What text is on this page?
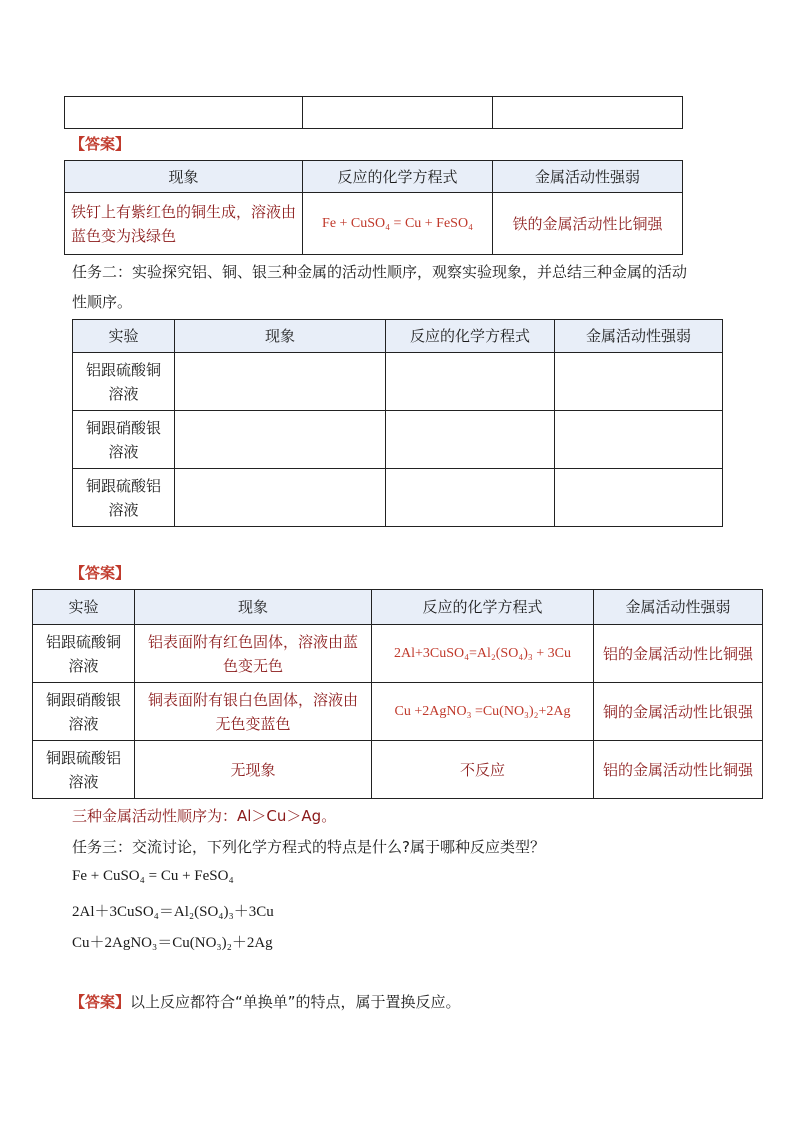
【答案】
现象	反应的化学方程式	金属活动性强弱
铁钉上有紫红色的铜生成，溶液由蓝色变为浅绿色	Fe + CuSO₄ = Cu + FeSO₄	铁的金属活动性比铜强
任务二：实验探究铝、铜、银三种金属的活动性顺序，观察实验现象，并总结三种金属的活动
性顺序。
实验	现象	反应的化学方程式	金属活动性强弱
铝跟硫酸铜溶液			
铜跟硝酸银溶液			
铜跟硫酸铝溶液			
【答案】
实验	现象	反应的化学方程式	金属活动性强弱
铝跟硫酸铜溶液	铝表面附有红色固体，溶液由蓝色变无色	2Al+3CuSO₄=Al₂(SO₄)₃ + 3Cu	铝的金属活动性比铜强
铜跟硝酸银溶液	铜表面附有银白色固体，溶液由无色变蓝色	Cu +2AgNO₃ =Cu(NO₃)₂+2Ag	铜的金属活动性比银强
铜跟硫酸铝溶液	无现象	不反应	铝的金属活动性比铜强
三种金属活动性顺序为：Al＞Cu＞Ag。
任务三：交流讨论，下列化学方程式的特点是什么?属于哪种反应类型？
Fe + CuSO₄ = Cu + FeSO₄
2Al＋3CuSO₄＝Al₂(SO₄)₃＋3Cu
Cu＋2AgNO₃＝Cu(NO₃)₂＋2Ag
【答案】以上反应都符合“单换单”的特点，属于置换反应。
